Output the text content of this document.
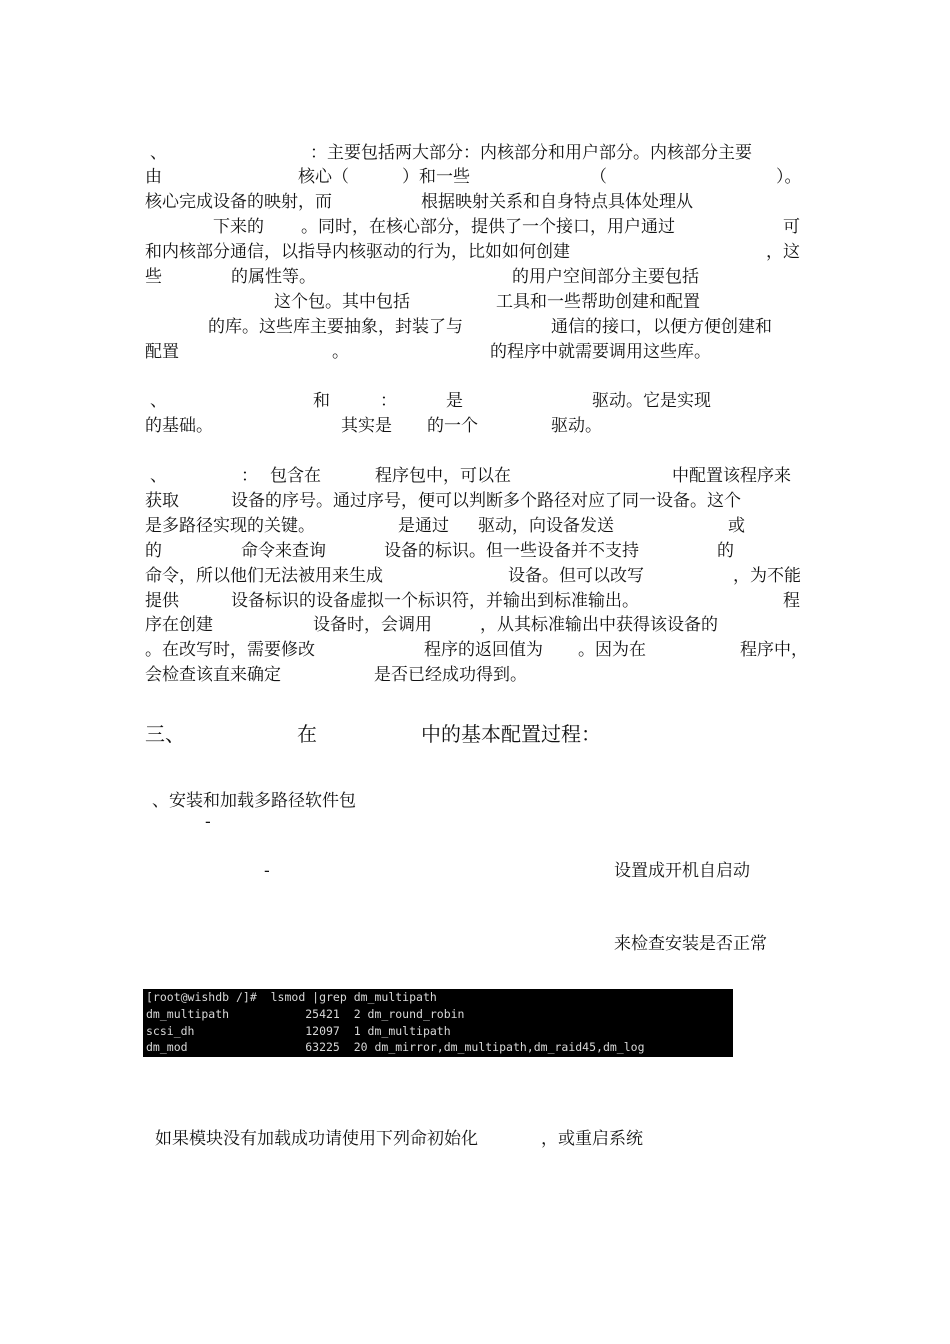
、	：主要包括两大部分：内核部分和用户部分。内核部分主要
由	核心（	）和一些	（	）。
核心完成设备的映射，而	根据映射关系和自身特点具体处理从
下来的 。同时，在核心部分，提供了一个接口，用户通过	可
和内核部分通信，以指导内核驱动的行为，比如如何创建	，这
些	的属性等。	的用户空间部分主要包括
这个包。其中包括	工具和一些帮助创建和配置
的库。这些库主要抽象，封装了与	通信的接口，以便方便创建和
配置	。	的程序中就需要调用这些库。
、	和	：	是	驱动。它是实现
的基础。	其实是 的一个	驱动。
、	： 包含在	程序包中，可以在	中配置该程序来
获取	设备的序号。通过序号，便可以判断多个路径对应了同一设备。这个
是多路径实现的关键。	是通过 驱动，向设备发送	或
的	命令来查询	设备的标识。但一些设备并不支持	的
命令，所以他们无法被用来生成	设备。但可以改写	，为不能
提供	设备标识的设备虚拟一个标识符，并输出到标准输出。	程
序在创建	设备时，会调用	，从其标准输出中获得该设备的
。在改写时，需要修改	程序的返回值为 。因为在	程序中，
会检查该直来确定	是否已经成功得到。
三、	在	中的基本配置过程：
、安装和加载多路径软件包
-
-	设置成开机自启动
来检查安装是否正常
[root@wishdb /]#  lsmod |grep dm_multipath
dm_multipath           25421  2 dm_round_robin
scsi_dh                12097  1 dm_multipath
dm_mod                 63225  20 dm_mirror,dm_multipath,dm_raid45,dm_log
如果模块没有加载成功请使用下列命初始化	，或重启系统
